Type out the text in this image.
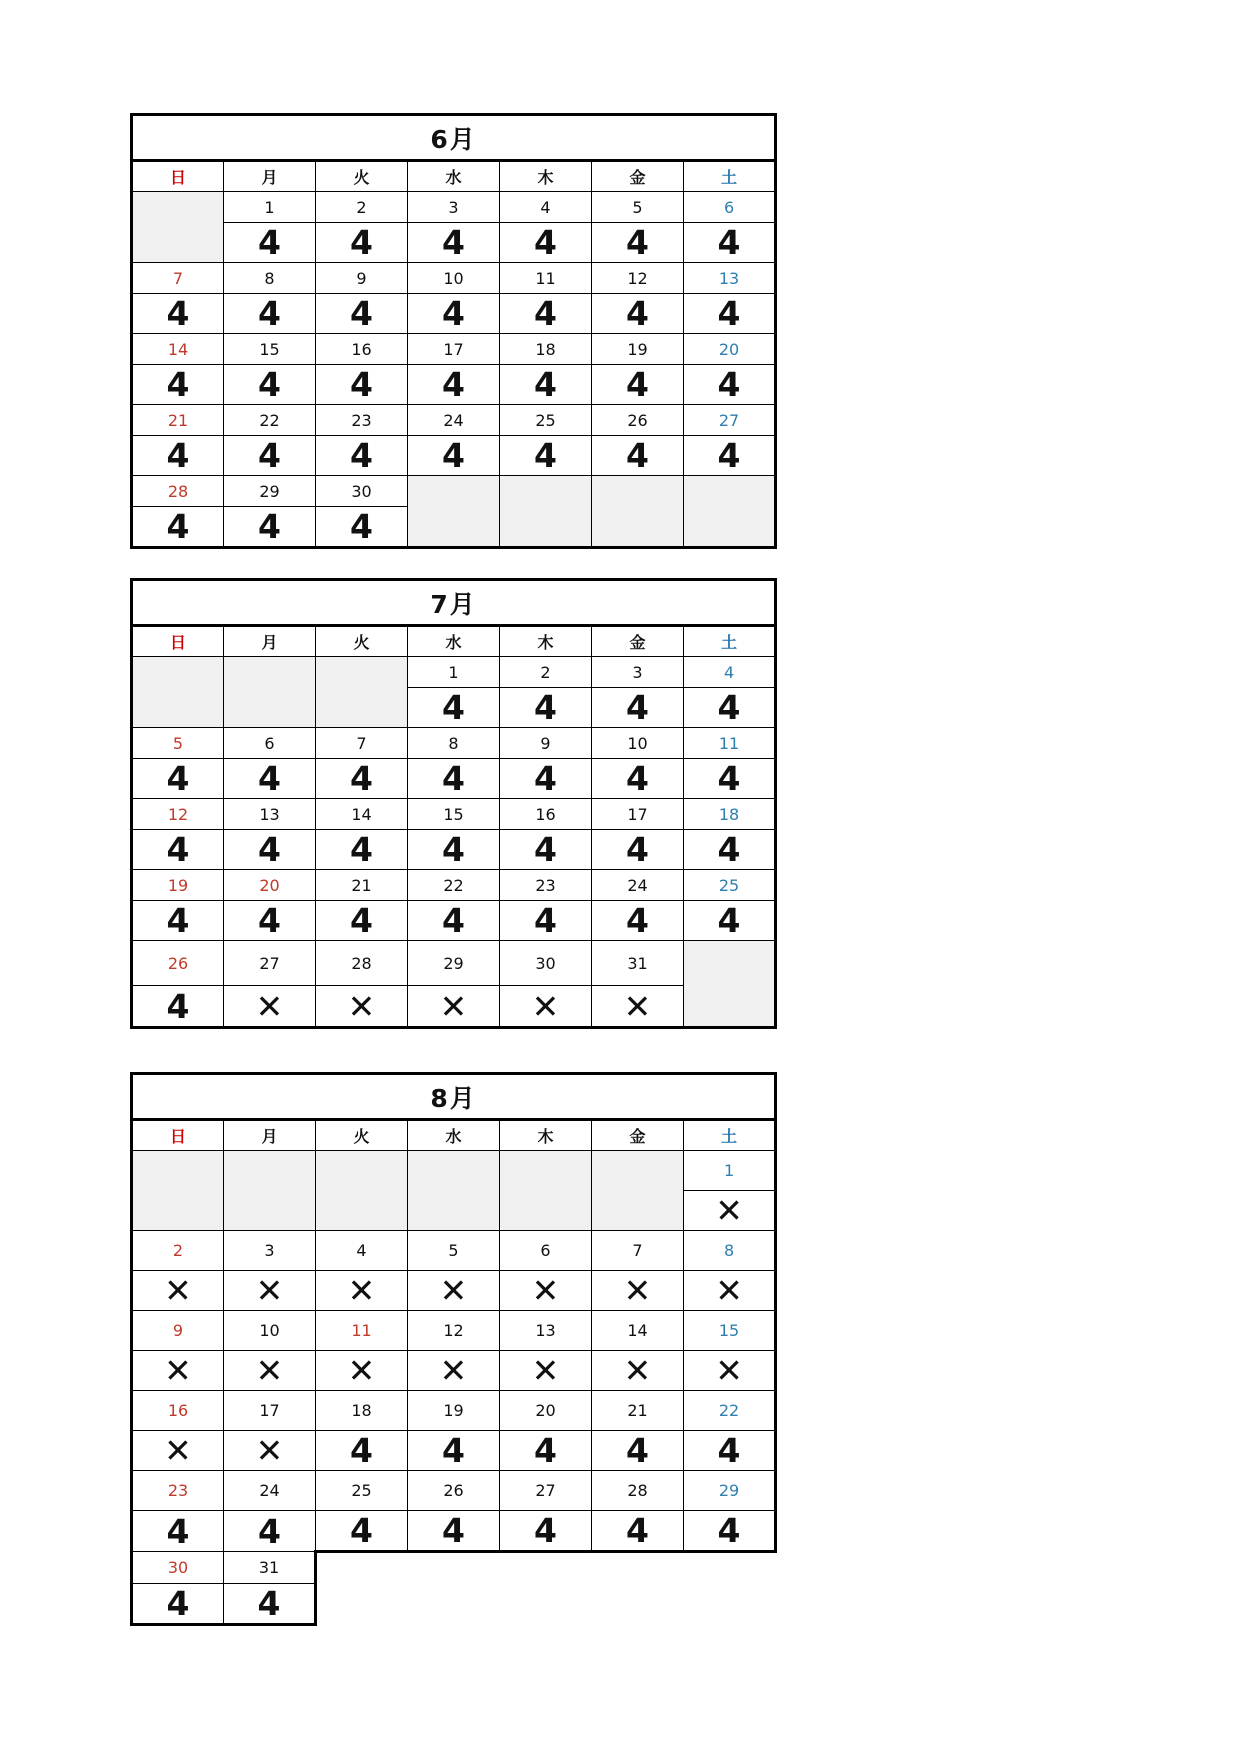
6月						
日	月	火	水	木	金	土
	1	2	3	4	5	6
	4	4	4	4	4	4
7	8	9	10	11	12	13
4	4	4	4	4	4	4
14	15	16	17	18	19	20
4	4	4	4	4	4	4
21	22	23	24	25	26	27
4	4	4	4	4	4	4
28	29	30				
4	4	4				
7月						
日	月	火	水	木	金	土
			1	2	3	4
			4	4	4	4
5	6	7	8	9	10	11
4	4	4	4	4	4	4
12	13	14	15	16	17	18
4	4	4	4	4	4	4
19	20	21	22	23	24	25
4	4	4	4	4	4	4
26	27	28	29	30	31	
4	✕	✕	✕	✕	✕	
8月						
日	月	火	水	木	金	土
						1
						✕
2	3	4	5	6	7	8
✕	✕	✕	✕	✕	✕	✕
9	10	11	12	13	14	15
✕	✕	✕	✕	✕	✕	✕
16	17	18	19	20	21	22
✕	✕	4	4	4	4	4
23	24	25	26	27	28	29
4	4	4	4	4	4	4
30	31					
4	4					
